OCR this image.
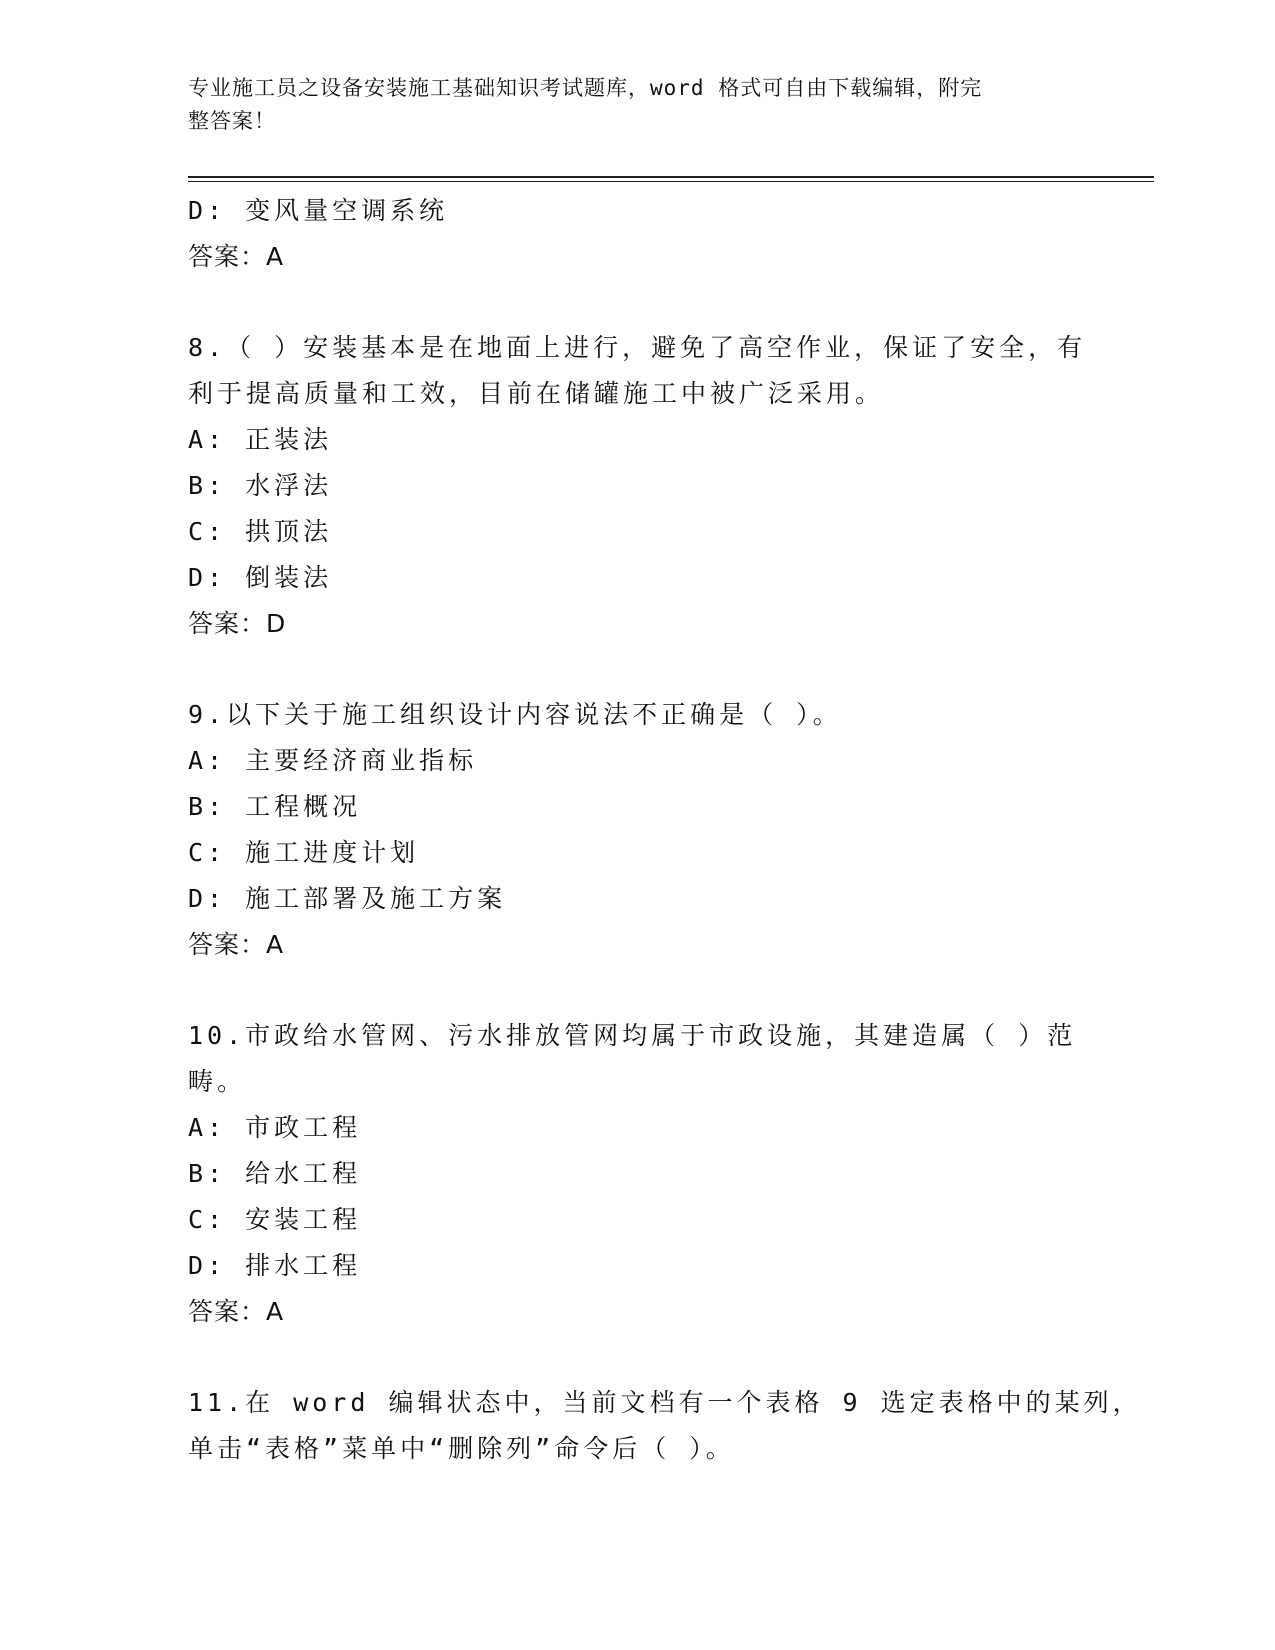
专业施工员之设备安装施工基础知识考试题库，word 格式可自由下载编辑，附完
整答案！
D: 变风量空调系统
答案：A
8.（ ）安装基本是在地面上进行，避免了高空作业，保证了安全，有
利于提高质量和工效，目前在储罐施工中被广泛采用。
A: 正装法
B: 水浮法
C: 拱顶法
D: 倒装法
答案：D
9.以下关于施工组织设计内容说法不正确是（ ）。
A: 主要经济商业指标
B: 工程概况
C: 施工进度计划
D: 施工部署及施工方案
答案：A
10.市政给水管网、污水排放管网均属于市政设施，其建造属（ ）范
畴。
A: 市政工程
B: 给水工程
C: 安装工程
D: 排水工程
答案：A
11.在 word 编辑状态中，当前文档有一个表格 9 选定表格中的某列，
单击“表格”菜单中“删除列”命令后（ ）。
